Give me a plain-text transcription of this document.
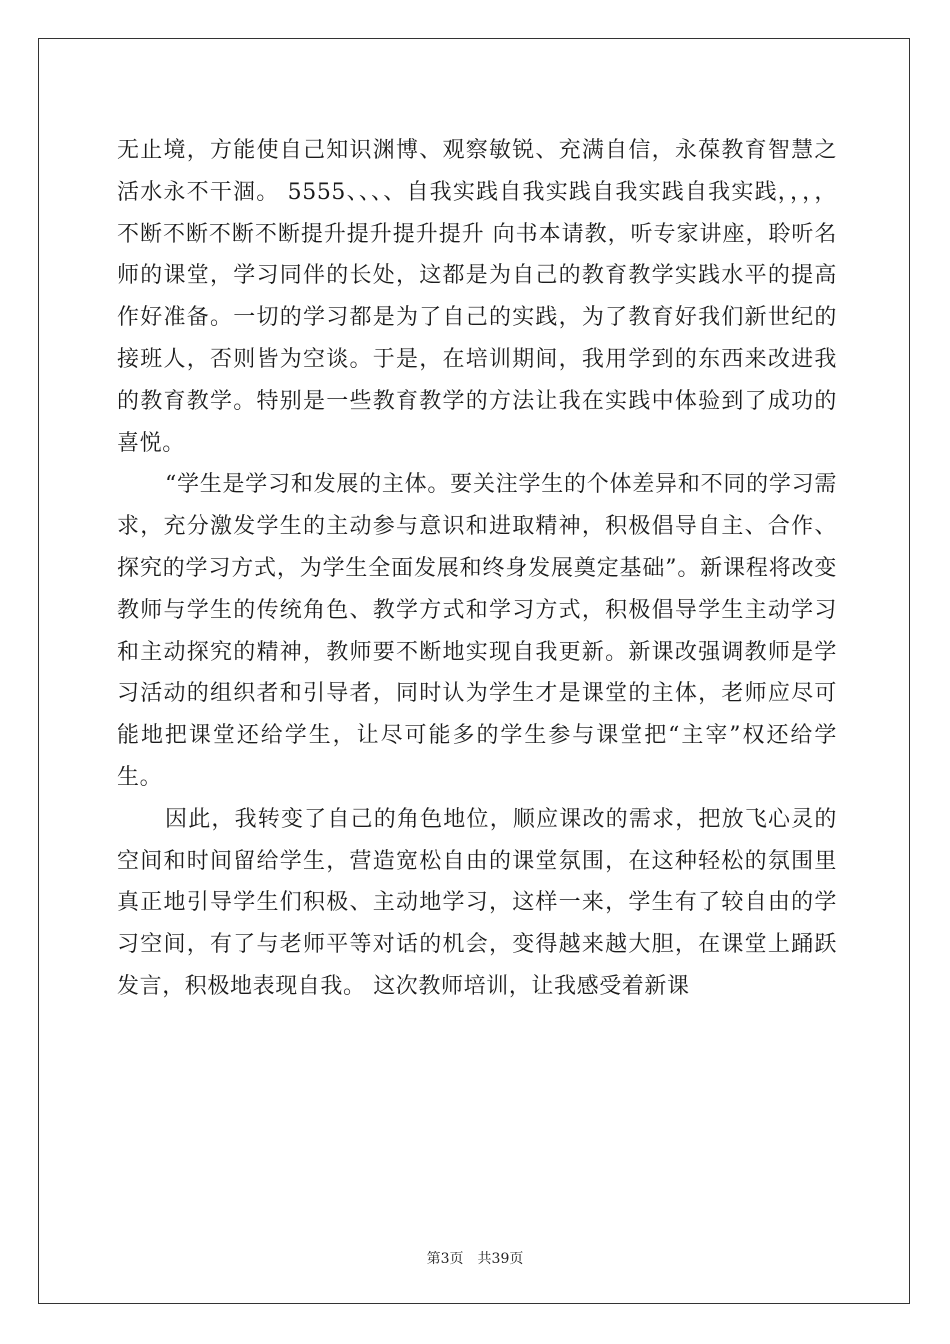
无止境，方能使自己知识渊博、观察敏锐、充满自信，永葆教育智慧之活水永不干涸。 5555、、、、自我实践自我实践自我实践自我实践，，，，不断不断不断不断提升提升提升提升 向书本请教，听专家讲座，聆听名师的课堂，学习同伴的长处，这都是为自己的教育教学实践水平的提高作好准备。一切的学习都是为了自己的实践，为了教育好我们新世纪的接班人，否则皆为空谈。于是，在培训期间，我用学到的东西来改进我的教育教学。特别是一些教育教学的方法让我在实践中体验到了成功的喜悦。

“学生是学习和发展的主体。要关注学生的个体差异和不同的学习需求，充分激发学生的主动参与意识和进取精神，积极倡导自主、合作、探究的学习方式，为学生全面发展和终身发展奠定基础”。新课程将改变教师与学生的传统角色、教学方式和学习方式，积极倡导学生主动学习和主动探究的精神，教师要不断地实现自我更新。新课改强调教师是学习活动的组织者和引导者，同时认为学生才是课堂的主体，老师应尽可能地把课堂还给学生，让尽可能多的学生参与课堂把“主宰”权还给学生。

因此，我转变了自己的角色地位，顺应课改的需求，把放飞心灵的空间和时间留给学生，营造宽松自由的课堂氛围，在这种轻松的氛围里真正地引导学生们积极、主动地学习，这样一来，学生有了较自由的学习空间，有了与老师平等对话的机会，变得越来越大胆，在课堂上踊跃发言，积极地表现自我。 这次教师培训，让我感受着新课

第3页 共39页
